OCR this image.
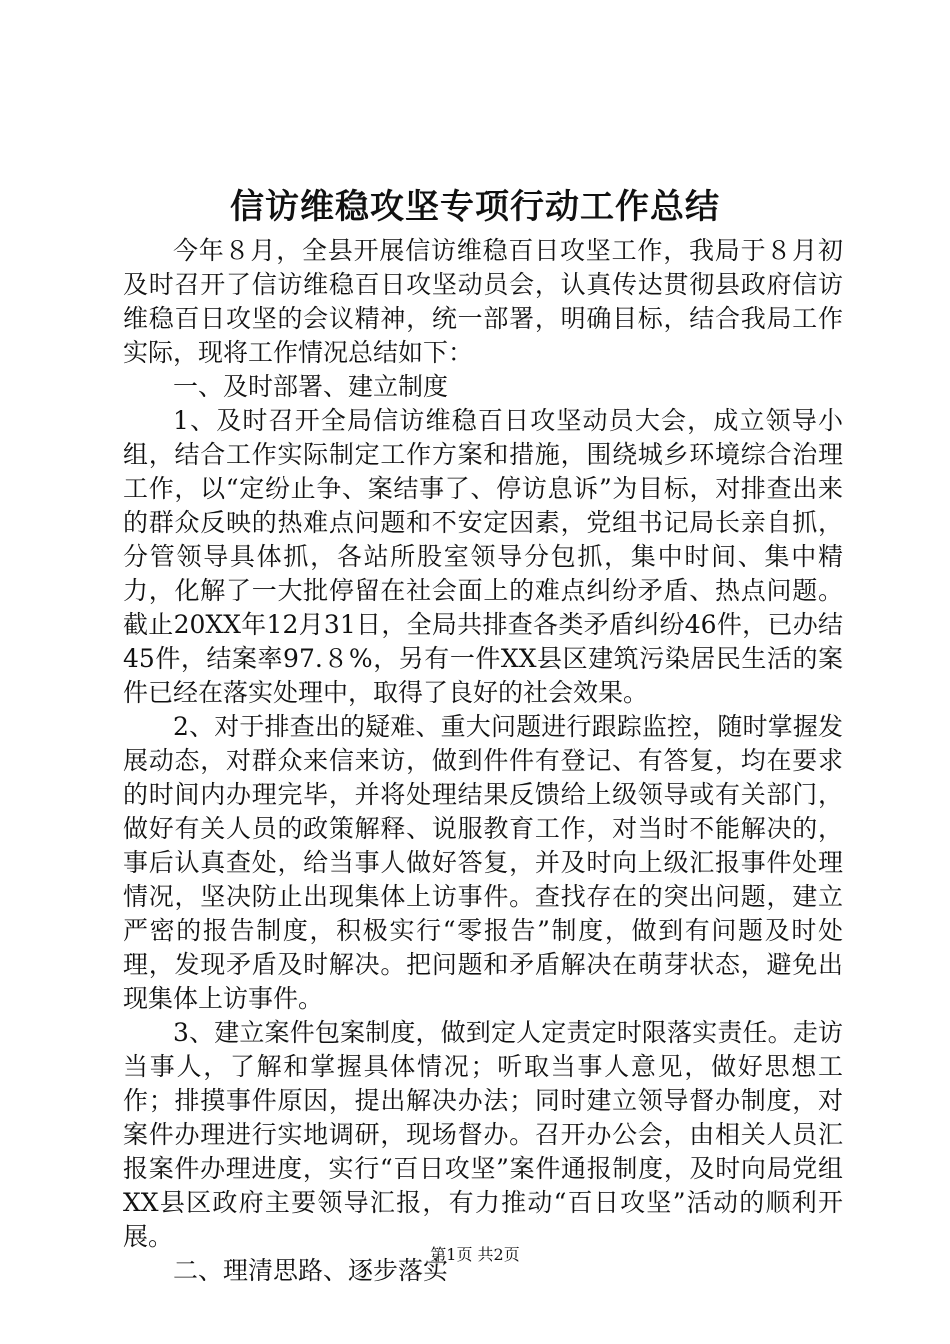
信访维稳攻坚专项行动工作总结

今年８月，全县开展信访维稳百日攻坚工作，我局于８月初及时召开了信访维稳百日攻坚动员会，认真传达贯彻县政府信访维稳百日攻坚的会议精神，统一部署，明确目标，结合我局工作实际，现将工作情况总结如下：

一、及时部署、建立制度

1、及时召开全局信访维稳百日攻坚动员大会，成立领导小组，结合工作实际制定工作方案和措施，围绕城乡环境综合治理工作，以“定纷止争、案结事了、停访息诉”为目标，对排查出来的群众反映的热难点问题和不安定因素，党组书记局长亲自抓，分管领导具体抓，各站所股室领导分包抓，集中时间、集中精力，化解了一大批停留在社会面上的难点纠纷矛盾、热点问题。截止20XX年12月31日，全局共排查各类矛盾纠纷46件，已办结45件，结案率97.８%，另有一件XX县区建筑污染居民生活的案件已经在落实处理中，取得了良好的社会效果。

2、对于排查出的疑难、重大问题进行跟踪监控，随时掌握发展动态，对群众来信来访，做到件件有登记、有答复，均在要求的时间内办理完毕，并将处理结果反馈给上级领导或有关部门，做好有关人员的政策解释、说服教育工作，对当时不能解决的，事后认真查处，给当事人做好答复，并及时向上级汇报事件处理情况，坚决防止出现集体上访事件。查找存在的突出问题，建立严密的报告制度，积极实行“零报告”制度，做到有问题及时处理，发现矛盾及时解决。把问题和矛盾解决在萌芽状态，避免出现集体上访事件。

3、建立案件包案制度，做到定人定责定时限落实责任。走访当事人，了解和掌握具体情况；听取当事人意见，做好思想工作；排摸事件原因，提出解决办法；同时建立领导督办制度，对案件办理进行实地调研，现场督办。召开办公会，由相关人员汇报案件办理进度，实行“百日攻坚”案件通报制度，及时向局党组XX县区政府主要领导汇报，有力推动“百日攻坚”活动的顺利开展。

二、理清思路、逐步落实

第1页 共2页
